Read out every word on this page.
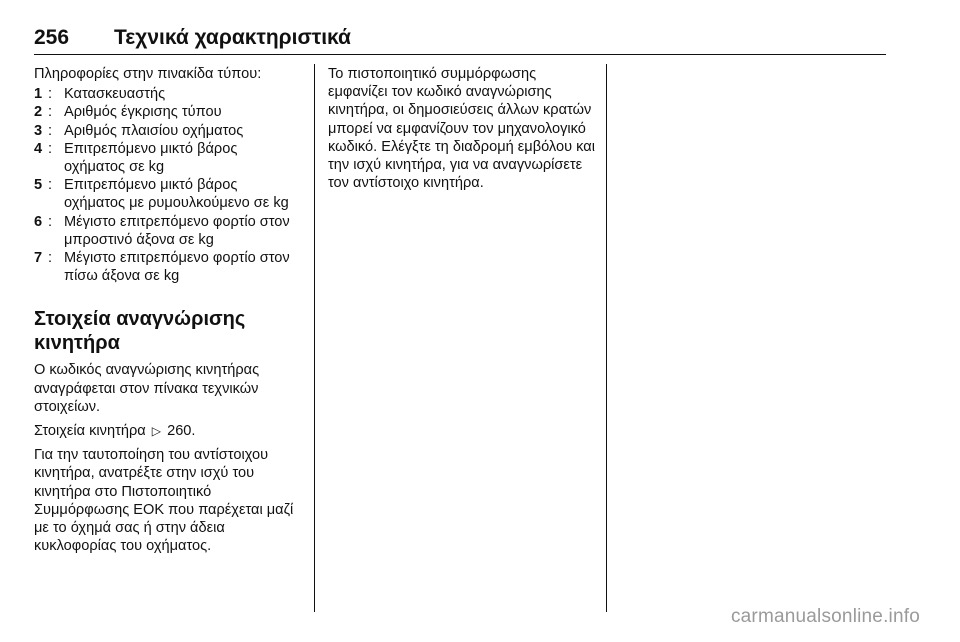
256 Τεχνικά χαρακτηριστικά

Πληροφορίες στην πινακίδα τύπου:

1 : Κατασκευαστής
2 : Αριθμός έγκρισης τύπου
3 : Αριθμός πλαισίου οχήματος
4 : Επιτρεπόμενο μικτό βάρος οχήματος σε kg
5 : Επιτρεπόμενο μικτό βάρος οχήματος με ρυμουλκούμενο σε kg
6 : Μέγιστο επιτρεπόμενο φορτίο στον μπροστινό άξονα σε kg
7 : Μέγιστο επιτρεπόμενο φορτίο στον πίσω άξονα σε kg
Στοιχεία αναγνώρισης κινητήρα

Ο κωδικός αναγνώρισης κινητήρας αναγράφεται στον πίνακα τεχνικών στοιχείων.

Στοιχεία κινητήρα ▷ 260.

Για την ταυτοποίηση του αντίστοιχου κινητήρα, ανατρέξτε στην ισχύ του κινητήρα στο Πιστοποιητικό Συμμόρφωσης ΕΟΚ που παρέχεται μαζί με το όχημά σας ή στην άδεια κυκλοφορίας του οχήματος.

Το πιστοποιητικό συμμόρφωσης εμφανίζει τον κωδικό αναγνώρισης κινητήρα, οι δημοσιεύσεις άλλων κρατών μπορεί να εμφανίζουν τον μηχανολογικό κωδικό. Ελέγξτε τη διαδρομή εμβόλου και την ισχύ κινητήρα, για να αναγνωρίσετε τον αντίστοιχο κινητήρα.

carmanualsonline.info
